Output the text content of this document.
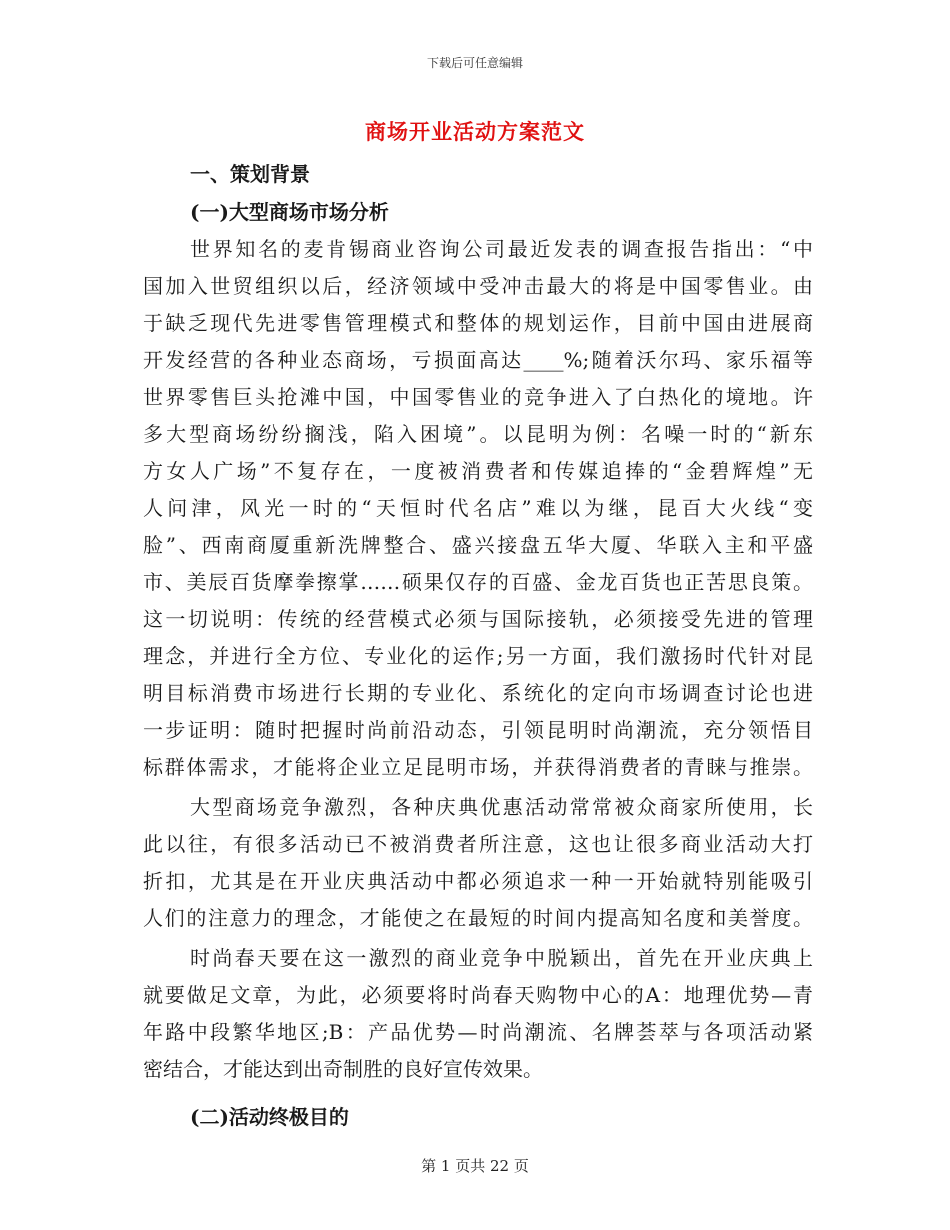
下载后可任意编辑
商场开业活动方案范文
一、策划背景
(一)大型商场市场分析
世界知名的麦肯锡商业咨询公司最近发表的调查报告指出：“中
国加入世贸组织以后，经济领域中受冲击最大的将是中国零售业。由
于缺乏现代先进零售管理模式和整体的规划运作，目前中国由进展商
开发经营的各种业态商场，亏损面高达____%;随着沃尔玛、家乐福等
世界零售巨头抢滩中国，中国零售业的竞争进入了白热化的境地。许
多大型商场纷纷搁浅，陷入困境”。以昆明为例：名噪一时的“新东
方女人广场”不复存在，一度被消费者和传媒追捧的“金碧辉煌”无
人问津，风光一时的“天恒时代名店”难以为继，昆百大火线“变
脸”、西南商厦重新洗牌整合、盛兴接盘五华大厦、华联入主和平盛
市、美辰百货摩拳擦掌……硕果仅存的百盛、金龙百货也正苦思良策。
这一切说明：传统的经营模式必须与国际接轨，必须接受先进的管理
理念，并进行全方位、专业化的运作;另一方面，我们激扬时代针对昆
明目标消费市场进行长期的专业化、系统化的定向市场调查讨论也进
一步证明：随时把握时尚前沿动态，引领昆明时尚潮流，充分领悟目
标群体需求，才能将企业立足昆明市场，并获得消费者的青睐与推崇。
大型商场竞争激烈，各种庆典优惠活动常常被众商家所使用，长
此以往，有很多活动已不被消费者所注意，这也让很多商业活动大打
折扣，尤其是在开业庆典活动中都必须追求一种一开始就特别能吸引
人们的注意力的理念，才能使之在最短的时间内提高知名度和美誉度。
时尚春天要在这一激烈的商业竞争中脱颖出，首先在开业庆典上
就要做足文章，为此，必须要将时尚春天购物中心的A：地理优势—青
年路中段繁华地区;B：产品优势—时尚潮流、名牌荟萃与各项活动紧
密结合，才能达到出奇制胜的良好宣传效果。
(二)活动终极目的
第 1 页共 22 页
